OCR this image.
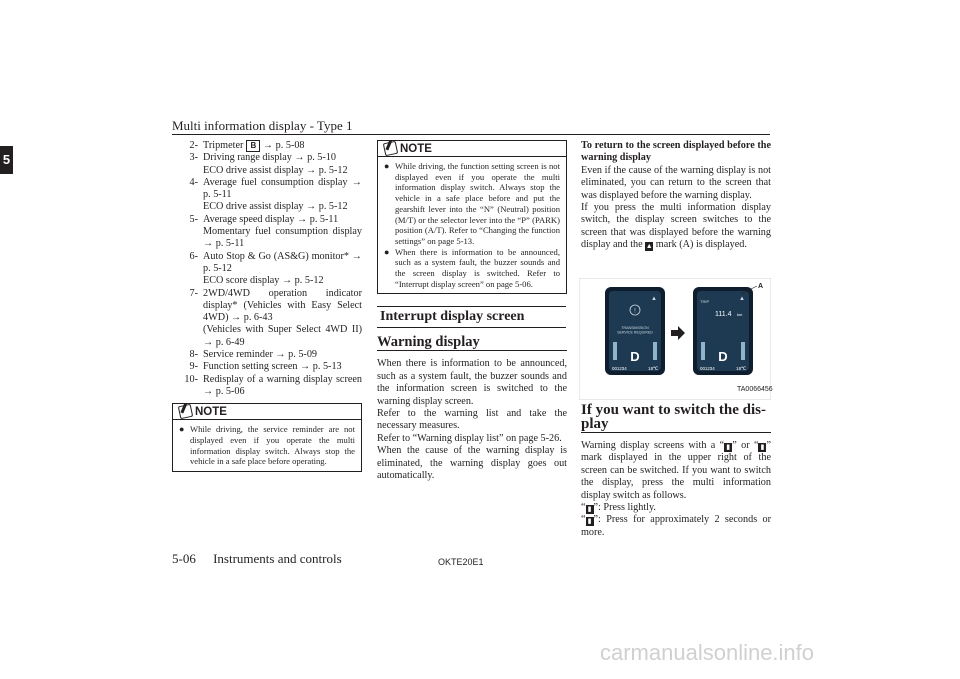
Multi information display - Type 1
5
2- Tripmeter B → p. 5-08
3- Driving range display → p. 5-10
ECO drive assist display → p. 5-12
4- Average fuel consumption display → p. 5-11
ECO drive assist display → p. 5-12
5- Average speed display → p. 5-11
Momentary fuel consumption display → p. 5-11
6- Auto Stop & Go (AS&G) monitor* → p. 5-12
ECO score display → p. 5-12
7- 2WD/4WD operation indicator display* (Vehicles with Easy Select 4WD) → p. 6-43
(Vehicles with Super Select 4WD II) → p. 6-49
8- Service reminder → p. 5-09
9- Function setting screen → p. 5-13
10- Redisplay of a warning display screen → p. 5-06
NOTE
● While driving, the service reminder are not displayed even if you operate the multi information display switch. Always stop the vehicle in a safe place before operating.
NOTE
● While driving, the function setting screen is not displayed even if you operate the multi information display switch. Always stop the vehicle in a safe place before and put the gearshift lever into the “N” (Neutral) position (M/T) or the selector lever into the “P” (PARK) position (A/T). Refer to “Changing the function settings” on page 5-13.
● When there is information to be announced, such as a system fault, the buzzer sounds and the screen display is switched. Refer to “Interrupt display screen” on page 5-06.
Interrupt display screen
Warning display
When there is information to be announced, such as a system fault, the buzzer sounds and the information screen is switched to the warning display screen.
Refer to the warning list and take the necessary measures.
Refer to “Warning display list” on page 5-26.
When the cause of the warning display is eliminated, the warning display goes out automatically.
To return to the screen displayed before the warning display
Even if the cause of the warning display is not eliminated, you can return to the screen that was displayed before the warning display.
If you press the multi information display switch, the display screen switches to the screen that was displayed before the warning display and the ▲ mark (A) is displayed.
!
▲
TRANSMISSION
SERVICE REQUIRED
D
001234	18℃
TRIP	▲
111.4 km
D
001234	18℃
A
TA0066456
If you want to switch the dis-
play
Warning display screens with a “ ▮ ” or “ ▮ ” mark displayed in the upper right of the screen can be switched. If you want to switch the display, press the multi information display switch as follows.
“ ▮ ”: Press lightly.
“ ▮ ”: Press for approximately 2 seconds or more.
5-06 Instruments and controls	OKTE20E1
carmanualsonline.info
